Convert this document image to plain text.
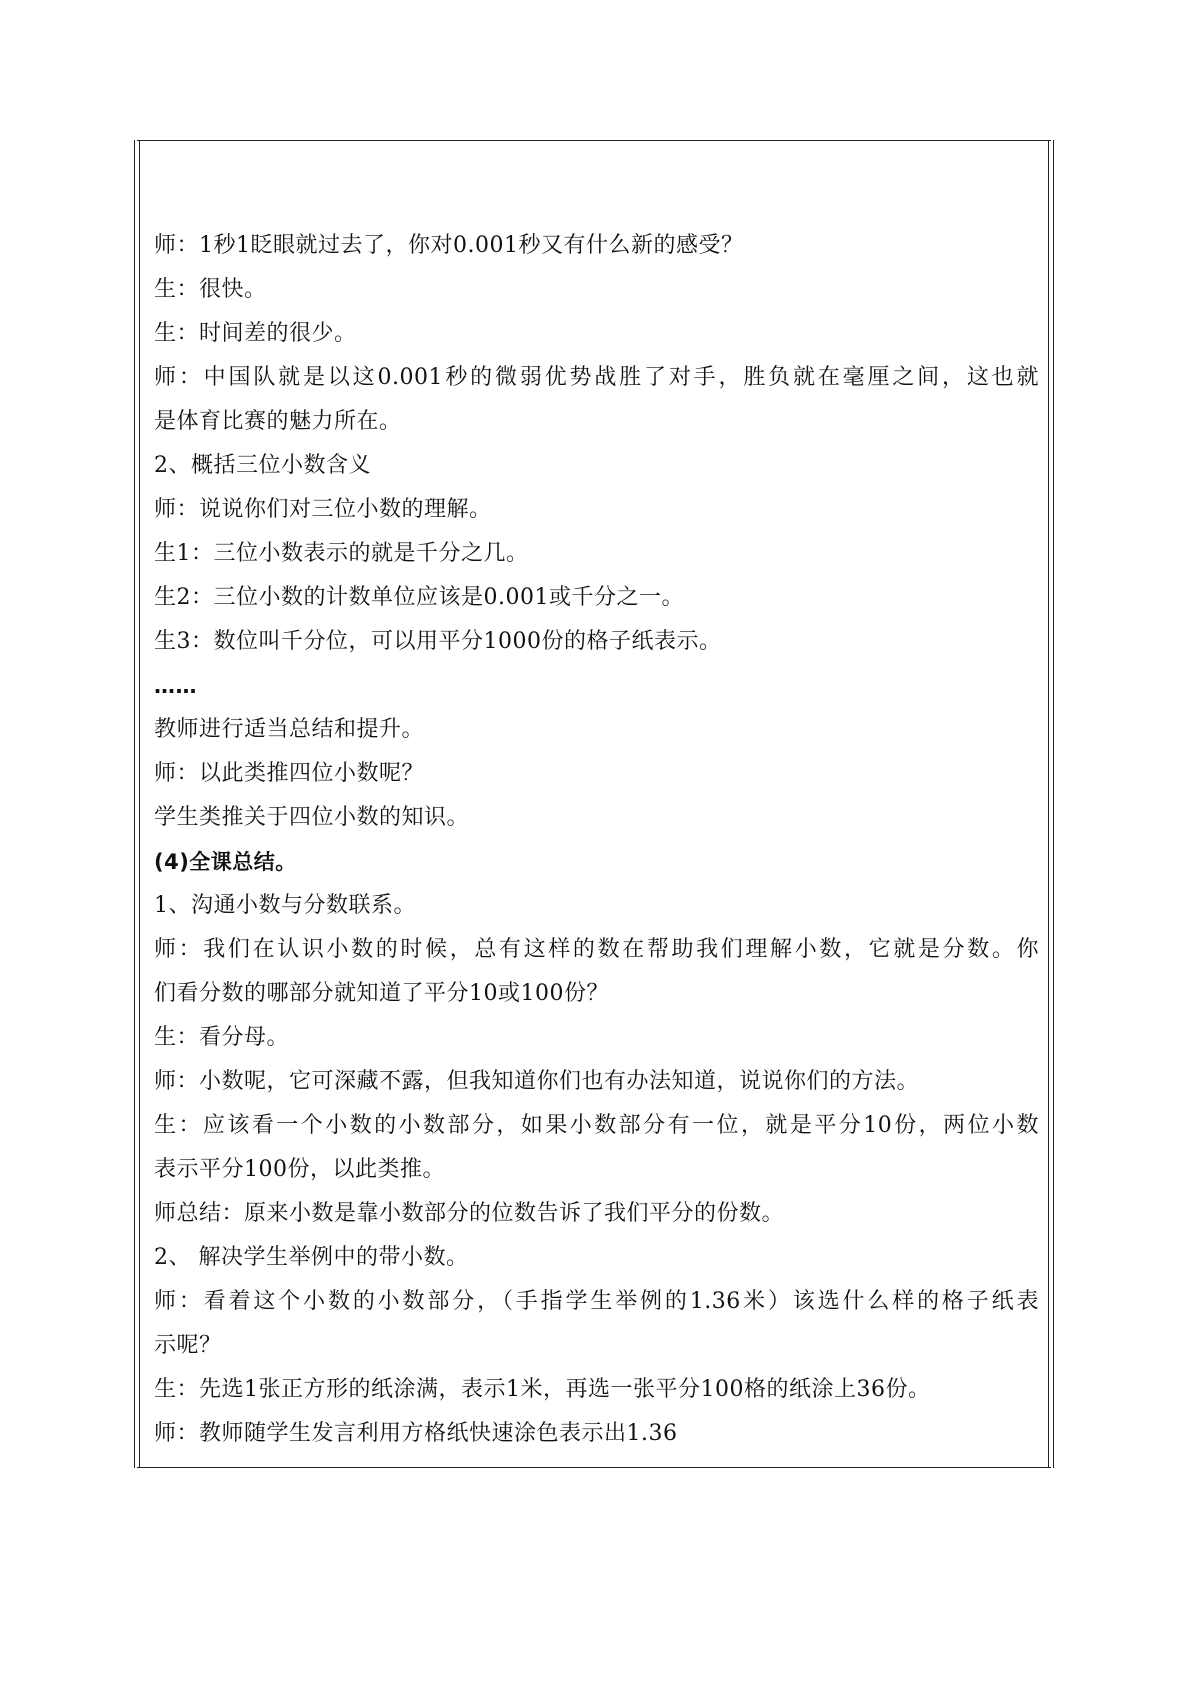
师：1秒1眨眼就过去了，你对0.001秒又有什么新的感受？
生：很快。
生：时间差的很少。
师：中国队就是以这0.001秒的微弱优势战胜了对手，胜负就在毫厘之间，这也就
是体育比赛的魅力所在。
2、概括三位小数含义
师：说说你们对三位小数的理解。
生1：三位小数表示的就是千分之几。
生2：三位小数的计数单位应该是0.001或千分之一。
生3：数位叫千分位，可以用平分1000份的格子纸表示。
……
教师进行适当总结和提升。
师：以此类推四位小数呢？
学生类推关于四位小数的知识。
(4)全课总结。
1、沟通小数与分数联系。
师：我们在认识小数的时候，总有这样的数在帮助我们理解小数，它就是分数。你
们看分数的哪部分就知道了平分10或100份？
生：看分母。
师：小数呢，它可深藏不露，但我知道你们也有办法知道，说说你们的方法。
生：应该看一个小数的小数部分，如果小数部分有一位，就是平分10份，两位小数
表示平分100份，以此类推。
师总结：原来小数是靠小数部分的位数告诉了我们平分的份数。
2、 解决学生举例中的带小数。
师：看着这个小数的小数部分，（手指学生举例的1.36米）该选什么样的格子纸表
示呢？
生：先选1张正方形的纸涂满，表示1米，再选一张平分100格的纸涂上36份。
师：教师随学生发言利用方格纸快速涂色表示出1.36
